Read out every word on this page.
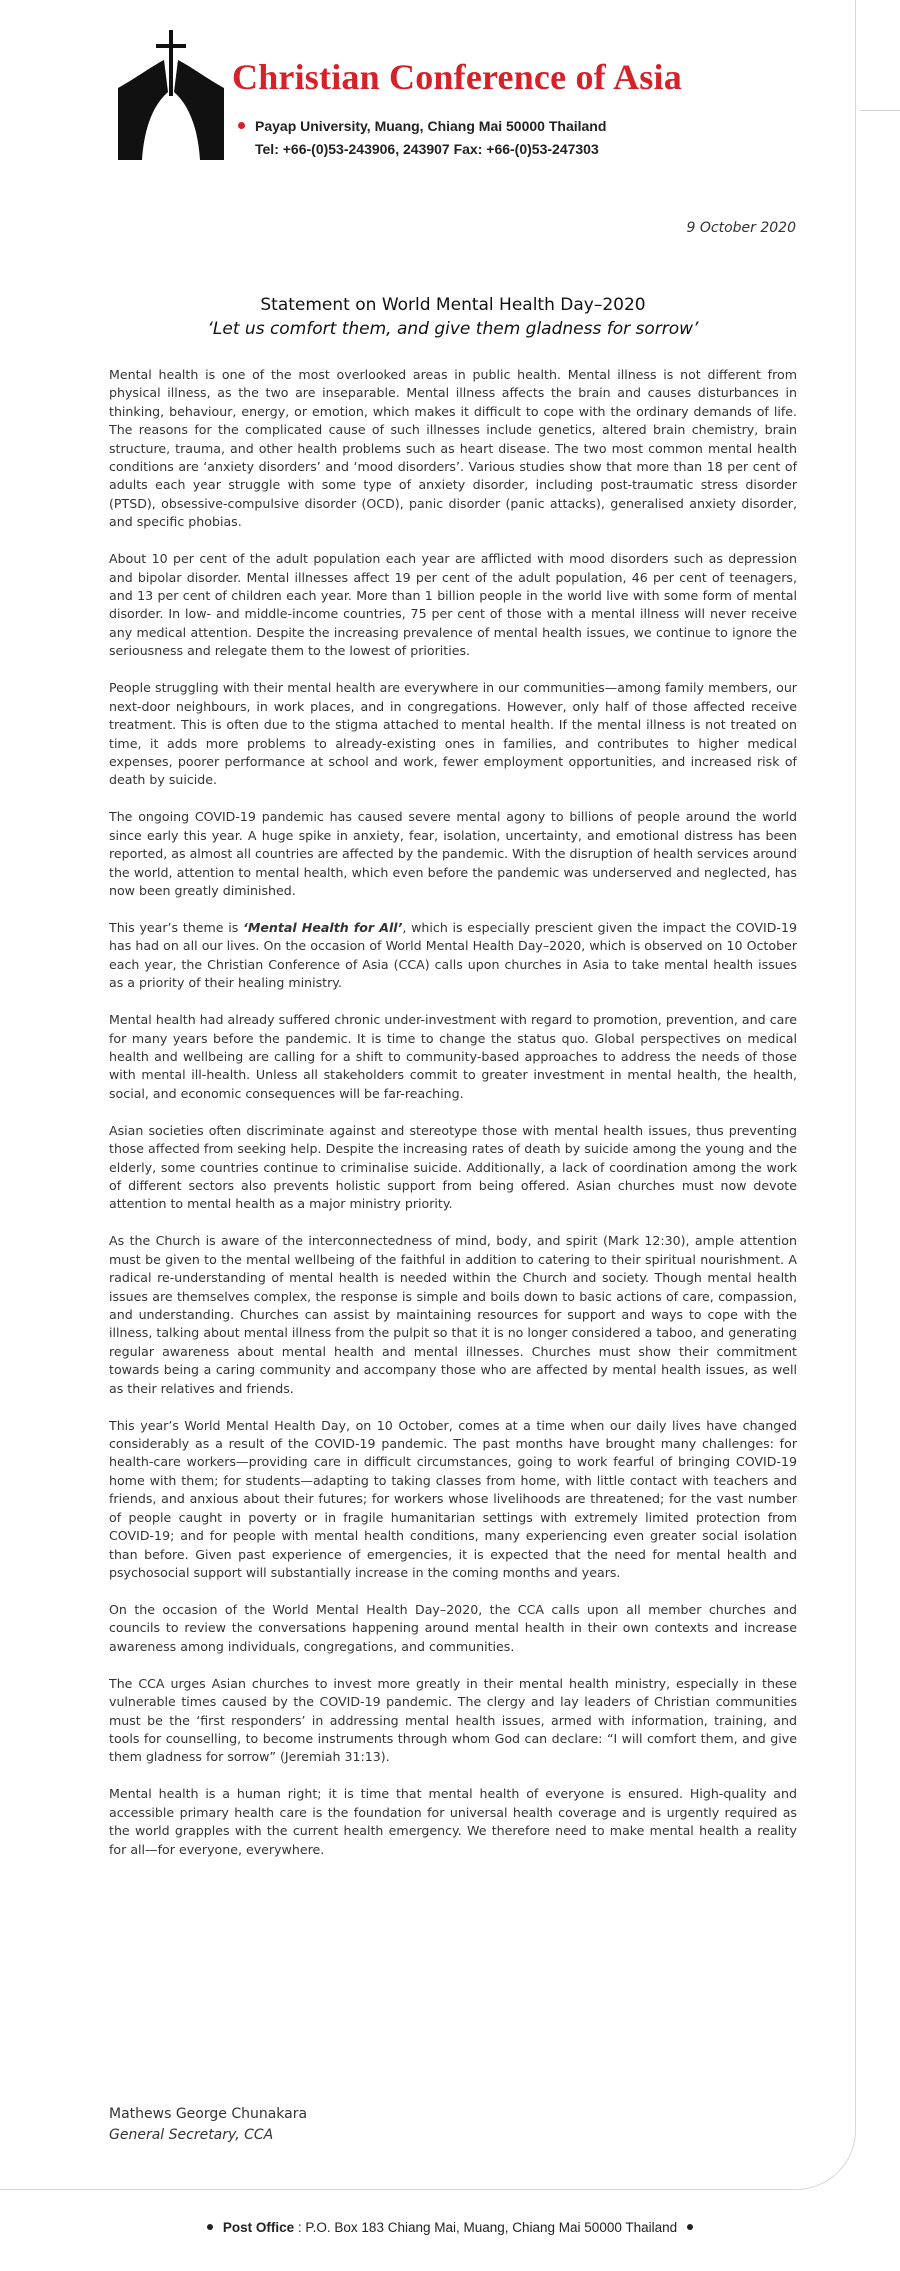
Christian Conference of Asia
Payap University, Muang, Chiang Mai 50000 Thailand
Tel: +66-(0)53-243906, 243907 Fax: +66-(0)53-247303
9 October 2020
Statement on World Mental Health Day–2020
‘Let us comfort them, and give them gladness for sorrow’

Mental health is one of the most overlooked areas in public health. Mental illness is not different from physical illness, as the two are inseparable. Mental illness affects the brain and causes disturbances in thinking, behaviour, energy, or emotion, which makes it difficult to cope with the ordinary demands of life. The reasons for the complicated cause of such illnesses include genetics, altered brain chemistry, brain structure, trauma, and other health problems such as heart disease. The two most common mental health conditions are ‘anxiety disorders’ and ‘mood disorders’. Various studies show that more than 18 per cent of adults each year struggle with some type of anxiety disorder, including post-traumatic stress disorder (PTSD), obsessive-compulsive disorder (OCD), panic disorder (panic attacks), generalised anxiety disorder, and specific phobias.

About 10 per cent of the adult population each year are afflicted with mood disorders such as depression and bipolar disorder. Mental illnesses affect 19 per cent of the adult population, 46 per cent of teenagers, and 13 per cent of children each year. More than 1 billion people in the world live with some form of mental disorder. In low- and middle-income countries, 75 per cent of those with a mental illness will never receive any medical attention. Despite the increasing prevalence of mental health issues, we continue to ignore the seriousness and relegate them to the lowest of priorities.

People struggling with their mental health are everywhere in our communities—among family members, our next-door neighbours, in work places, and in congregations. However, only half of those affected receive treatment. This is often due to the stigma attached to mental health. If the mental illness is not treated on time, it adds more problems to already-existing ones in families, and contributes to higher medical expenses, poorer performance at school and work, fewer employment opportunities, and increased risk of death by suicide.

The ongoing COVID-19 pandemic has caused severe mental agony to billions of people around the world since early this year. A huge spike in anxiety, fear, isolation, uncertainty, and emotional distress has been reported, as almost all countries are affected by the pandemic. With the disruption of health services around the world, attention to mental health, which even before the pandemic was underserved and neglected, has now been greatly diminished.

This year’s theme is ‘Mental Health for All’, which is especially prescient given the impact the COVID-19 has had on all our lives. On the occasion of World Mental Health Day–2020, which is observed on 10 October each year, the Christian Conference of Asia (CCA) calls upon churches in Asia to take mental health issues as a priority of their healing ministry.

Mental health had already suffered chronic under-investment with regard to promotion, prevention, and care for many years before the pandemic. It is time to change the status quo. Global perspectives on medical health and wellbeing are calling for a shift to community-based approaches to address the needs of those with mental ill-health. Unless all stakeholders commit to greater investment in mental health, the health, social, and economic consequences will be far-reaching.

Asian societies often discriminate against and stereotype those with mental health issues, thus preventing those affected from seeking help. Despite the increasing rates of death by suicide among the young and the elderly, some countries continue to criminalise suicide. Additionally, a lack of coordination among the work of different sectors also prevents holistic support from being offered. Asian churches must now devote attention to mental health as a major ministry priority.

As the Church is aware of the interconnectedness of mind, body, and spirit (Mark 12:30), ample attention must be given to the mental wellbeing of the faithful in addition to catering to their spiritual nourishment. A radical re-understanding of mental health is needed within the Church and society. Though mental health issues are themselves complex, the response is simple and boils down to basic actions of care, compassion, and understanding. Churches can assist by maintaining resources for support and ways to cope with the illness, talking about mental illness from the pulpit so that it is no longer considered a taboo, and generating regular awareness about mental health and mental illnesses. Churches must show their commitment towards being a caring community and accompany those who are affected by mental health issues, as well as their relatives and friends.

This year’s World Mental Health Day, on 10 October, comes at a time when our daily lives have changed considerably as a result of the COVID-19 pandemic. The past months have brought many challenges: for health-care workers—providing care in difficult circumstances, going to work fearful of bringing COVID-19 home with them; for students—adapting to taking classes from home, with little contact with teachers and friends, and anxious about their futures; for workers whose livelihoods are threatened; for the vast number of people caught in poverty or in fragile humanitarian settings with extremely limited protection from COVID-19; and for people with mental health conditions, many experiencing even greater social isolation than before. Given past experience of emergencies, it is expected that the need for mental health and psychosocial support will substantially increase in the coming months and years.

On the occasion of the World Mental Health Day–2020, the CCA calls upon all member churches and councils to review the conversations happening around mental health in their own contexts and increase awareness among individuals, congregations, and communities.

The CCA urges Asian churches to invest more greatly in their mental health ministry, especially in these vulnerable times caused by the COVID-19 pandemic. The clergy and lay leaders of Christian communities must be the ‘first responders’ in addressing mental health issues, armed with information, training, and tools for counselling, to become instruments through whom God can declare: “I will comfort them, and give them gladness for sorrow” (Jeremiah 31:13).

Mental health is a human right; it is time that mental health of everyone is ensured. High-quality and accessible primary health care is the foundation for universal health coverage and is urgently required as the world grapples with the current health emergency. We therefore need to make mental health a reality for all—for everyone, everywhere.

Mathews George Chunakara
General Secretary, CCA
Post Office : P.O. Box 183 Chiang Mai, Muang, Chiang Mai 50000 Thailand
